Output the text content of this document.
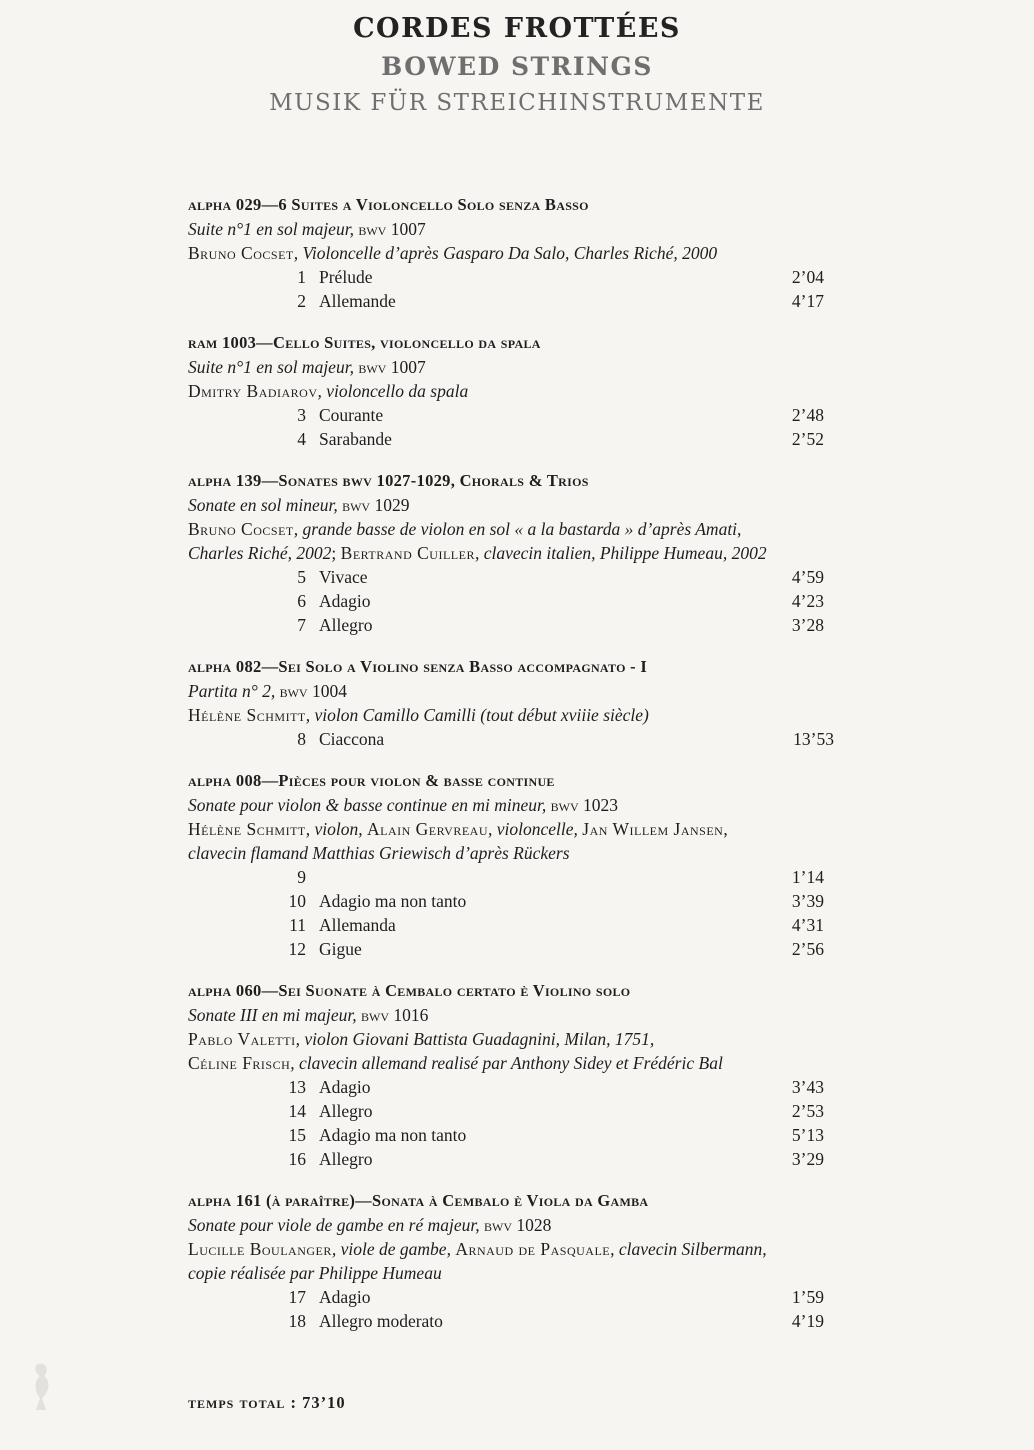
CORDES FROTTÉES
BOWED STRINGS
MUSIK FÜR STREICHINSTRUMENTE
alpha 029—6 Suites a Violoncello Solo senza Basso
Suite n°1 en sol majeur, bwv 1007
Bruno Cocset, Violoncelle d’après Gasparo Da Salo, Charles Riché, 2000
1 Prélude	2’04
2 Allemande	4’17
ram 1003—Cello Suites, violoncello da spala
Suite n°1 en sol majeur, bwv 1007
Dmitry Badiarov, violoncello da spala
3 Courante	2’48
4 Sarabande	2’52
alpha 139—Sonates bwv 1027-1029, Chorals & Trios
Sonate en sol mineur, bwv 1029
Bruno Cocset, grande basse de violon en sol « a la bastarda » d’après Amati,
Charles Riché, 2002; Bertrand Cuiller, clavecin italien, Philippe Humeau, 2002
5 Vivace	4’59
6 Adagio	4’23
7 Allegro	3’28
alpha 082—Sei Solo a Violino senza Basso accompagnato - I
Partita n° 2, bwv 1004
Hélène Schmitt, violon Camillo Camilli (tout début xviiie siècle)
8 Ciaccona	13’53
alpha 008—Pièces pour violon & basse continue
Sonate pour violon & basse continue en mi mineur, bwv 1023
Hélène Schmitt, violon, Alain Gervreau, violoncelle, Jan Willem Jansen,
clavecin flamand Matthias Griewisch d’après Rückers
9	1’14
10 Adagio ma non tanto	3’39
11 Allemanda	4’31
12 Gigue	2’56
alpha 060—Sei Suonate à Cembalo certato è Violino solo
Sonate III en mi majeur, bwv 1016
Pablo Valetti, violon Giovani Battista Guadagnini, Milan, 1751,
Céline Frisch, clavecin allemand realisé par Anthony Sidey et Frédéric Bal
13 Adagio	3’43
14 Allegro	2’53
15 Adagio ma non tanto	5’13
16 Allegro	3’29
alpha 161 (à paraître)—Sonata à Cembalo è Viola da Gamba
Sonate pour viole de gambe en ré majeur, bwv 1028
Lucille Boulanger, viole de gambe, Arnaud de Pasquale, clavecin Silbermann,
copie réalisée par Philippe Humeau
17 Adagio	1’59
18 Allegro moderato	4’19
temps total : 73’10
